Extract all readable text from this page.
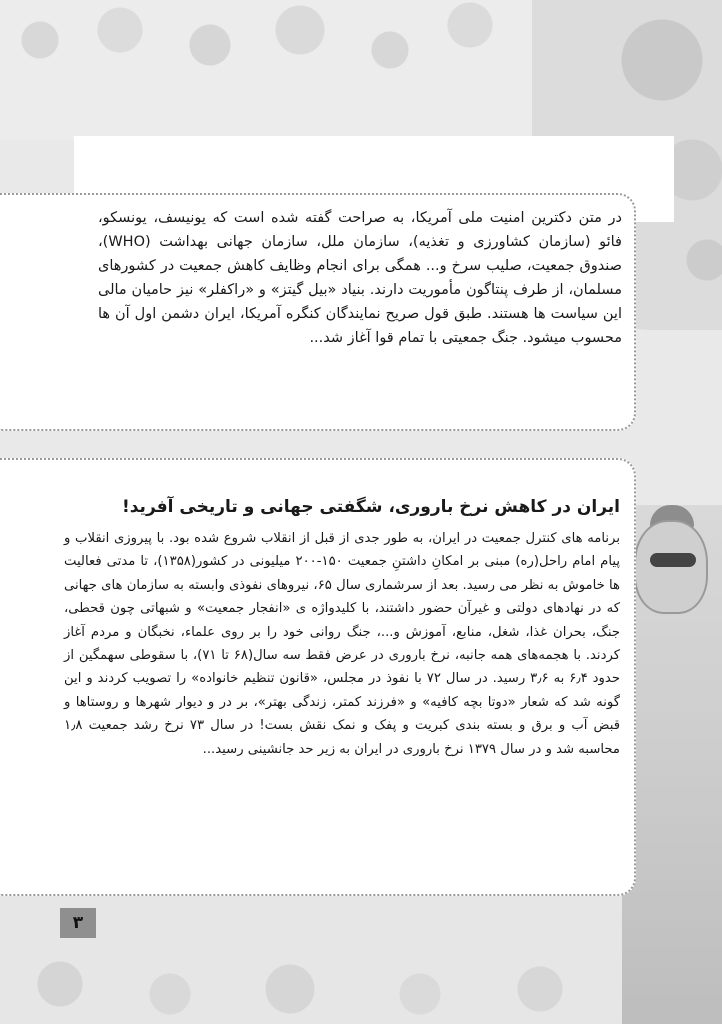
در متن دکترین امنیت ملی آمریکا، به صراحت گفته شده است که یونیسف، یونسکو، فائو (سازمان کشاورزی و تغذیه)، سازمان ملل، سازمان جهانی بهداشت (WHO)، صندوق جمعیت، صلیب سرخ و... همگی برای انجام وظایف کاهش جمعیت در کشورهای مسلمان، از طرف پنتاگون مأموریت دارند. بنیاد «بیل گیتز» و «راکفلر» نیز حامیان مالی این سیاست ها هستند. طبق قول صریح نمایندگان کنگره آمریکا، ایران دشمن اول آن ها محسوب میشود. جنگ جمعیتی با تمام قوا آغاز شد...
ایران در کاهش نرخ باروری، شگفتی جهانی و تاریخی آفرید!
برنامه های کنترل جمعیت در ایران، به طور جدی از قبل از انقلاب شروع شده بود. با پیروزی انقلاب و پیام امام راحل(ره) مبنی بر امکانِ داشتنِ جمعیت ۱۵۰-۲۰۰ میلیونی در کشور(۱۳۵۸)، تا مدتی فعالیت ها خاموش به نظر می رسید. بعد از سرشماری سال ۶۵، نیروهای نفوذی وابسته به سازمان های جهانی که در نهادهای دولتی و غیرآن حضور داشتند، با کلیدواژه ی «انفجار جمعیت» و شبهاتی چون قحطی، جنگ، بحران غذا، شغل، منابع، آموزش و...، جنگ روانی خود را بر روی علماء، نخبگان و مردم آغاز کردند. با هجمه‌های همه جانبه، نرخ باروری در عرض فقط سه سال(۶۸ تا ۷۱)، با سقوطی سهمگین از حدود ۶٫۴ به ۳٫۶ رسید. در سال ۷۲ با نفوذ در مجلس، «قانون تنظیم خانواده» را تصویب کردند و این گونه شد که شعار «دوتا بچه کافیه» و «فرزند کمتر، زندگی بهتر»، بر در و دیوار شهرها و روستاها و قبض آب و برق و بسته بندی کبریت و پفک و نمک نقش بست! در سال ۷۳ نرخ رشد جمعیت ۱٫۸ محاسبه شد و در سال ۱۳۷۹ نرخ باروری در ایران به زیر حد جانشینی رسید...
۳
